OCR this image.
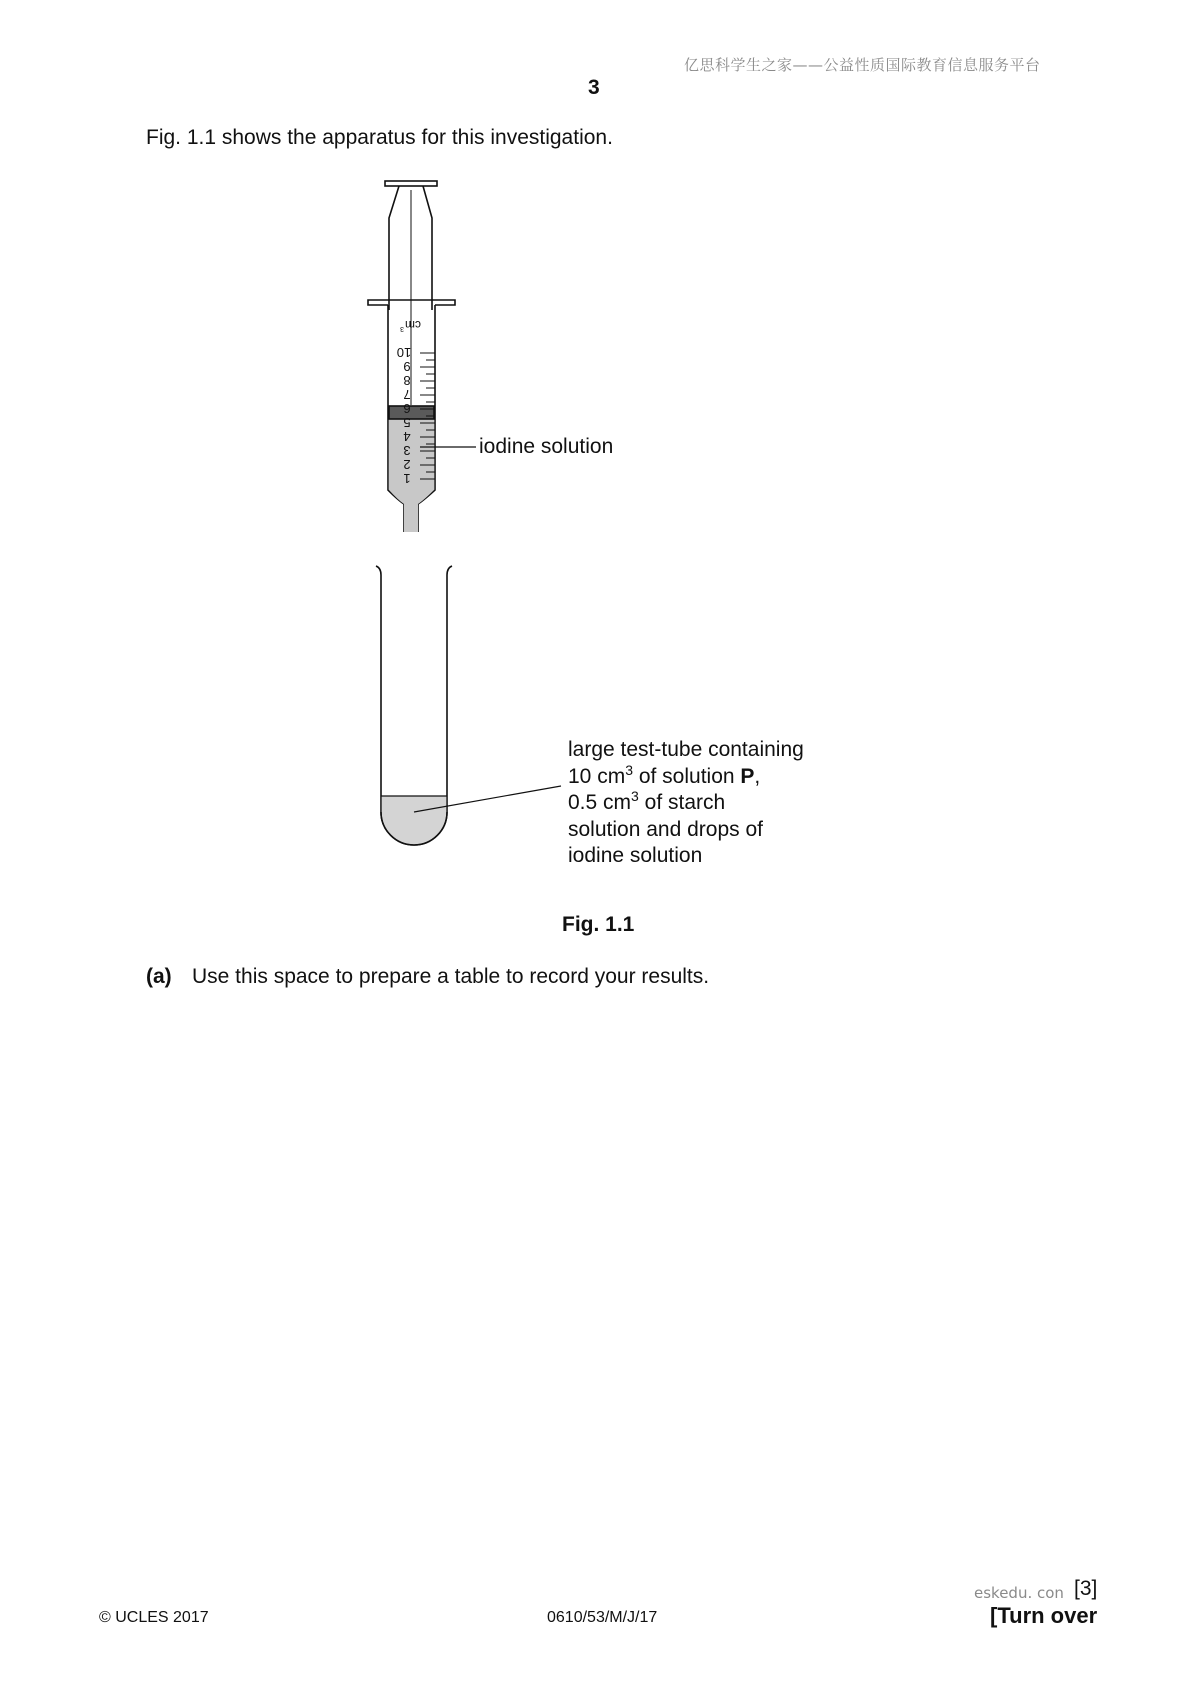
亿思科学生之家——公益性质国际教育信息服务平台
3
Fig. 1.1 shows the apparatus for this investigation.
cm
3
10
9
8
7
6
5
4
3
2
1
iodine solution
large test-tube containing
10 $cm^3$ of solution P,
0.5 $cm^3$ of starch
solution and drops of
iodine solution
Fig. 1.1
(a) Use this space to prepare a table to record your results.
© UCLES 2017	0610/53/M/J/17
eskedu. con [3]
[Turn over
